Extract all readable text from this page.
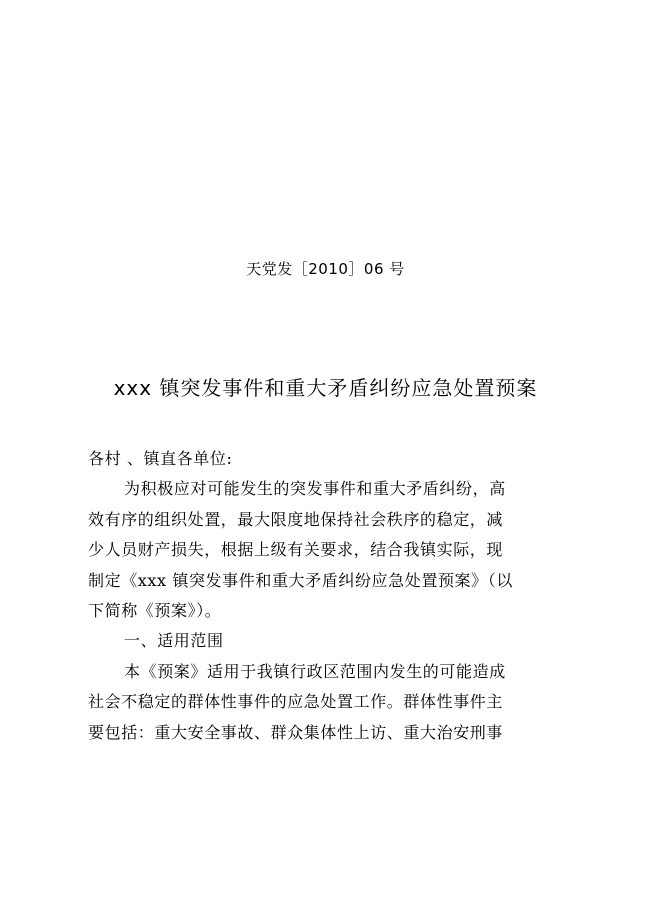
天党发［2010］06 号
xxx 镇突发事件和重大矛盾纠纷应急处置预案
各村 、镇直各单位:
为积极应对可能发生的突发事件和重大矛盾纠纷，高
效有序的组织处置，最大限度地保持社会秩序的稳定，减
少人员财产损失，根据上级有关要求，结合我镇实际，现
制定《xxx 镇突发事件和重大矛盾纠纷应急处置预案》（以
下简称《预案》）。
一、适用范围
本《预案》适用于我镇行政区范围内发生的可能造成
社会不稳定的群体性事件的应急处置工作。群体性事件主
要包括：重大安全事故、群众集体性上访、重大治安刑事
